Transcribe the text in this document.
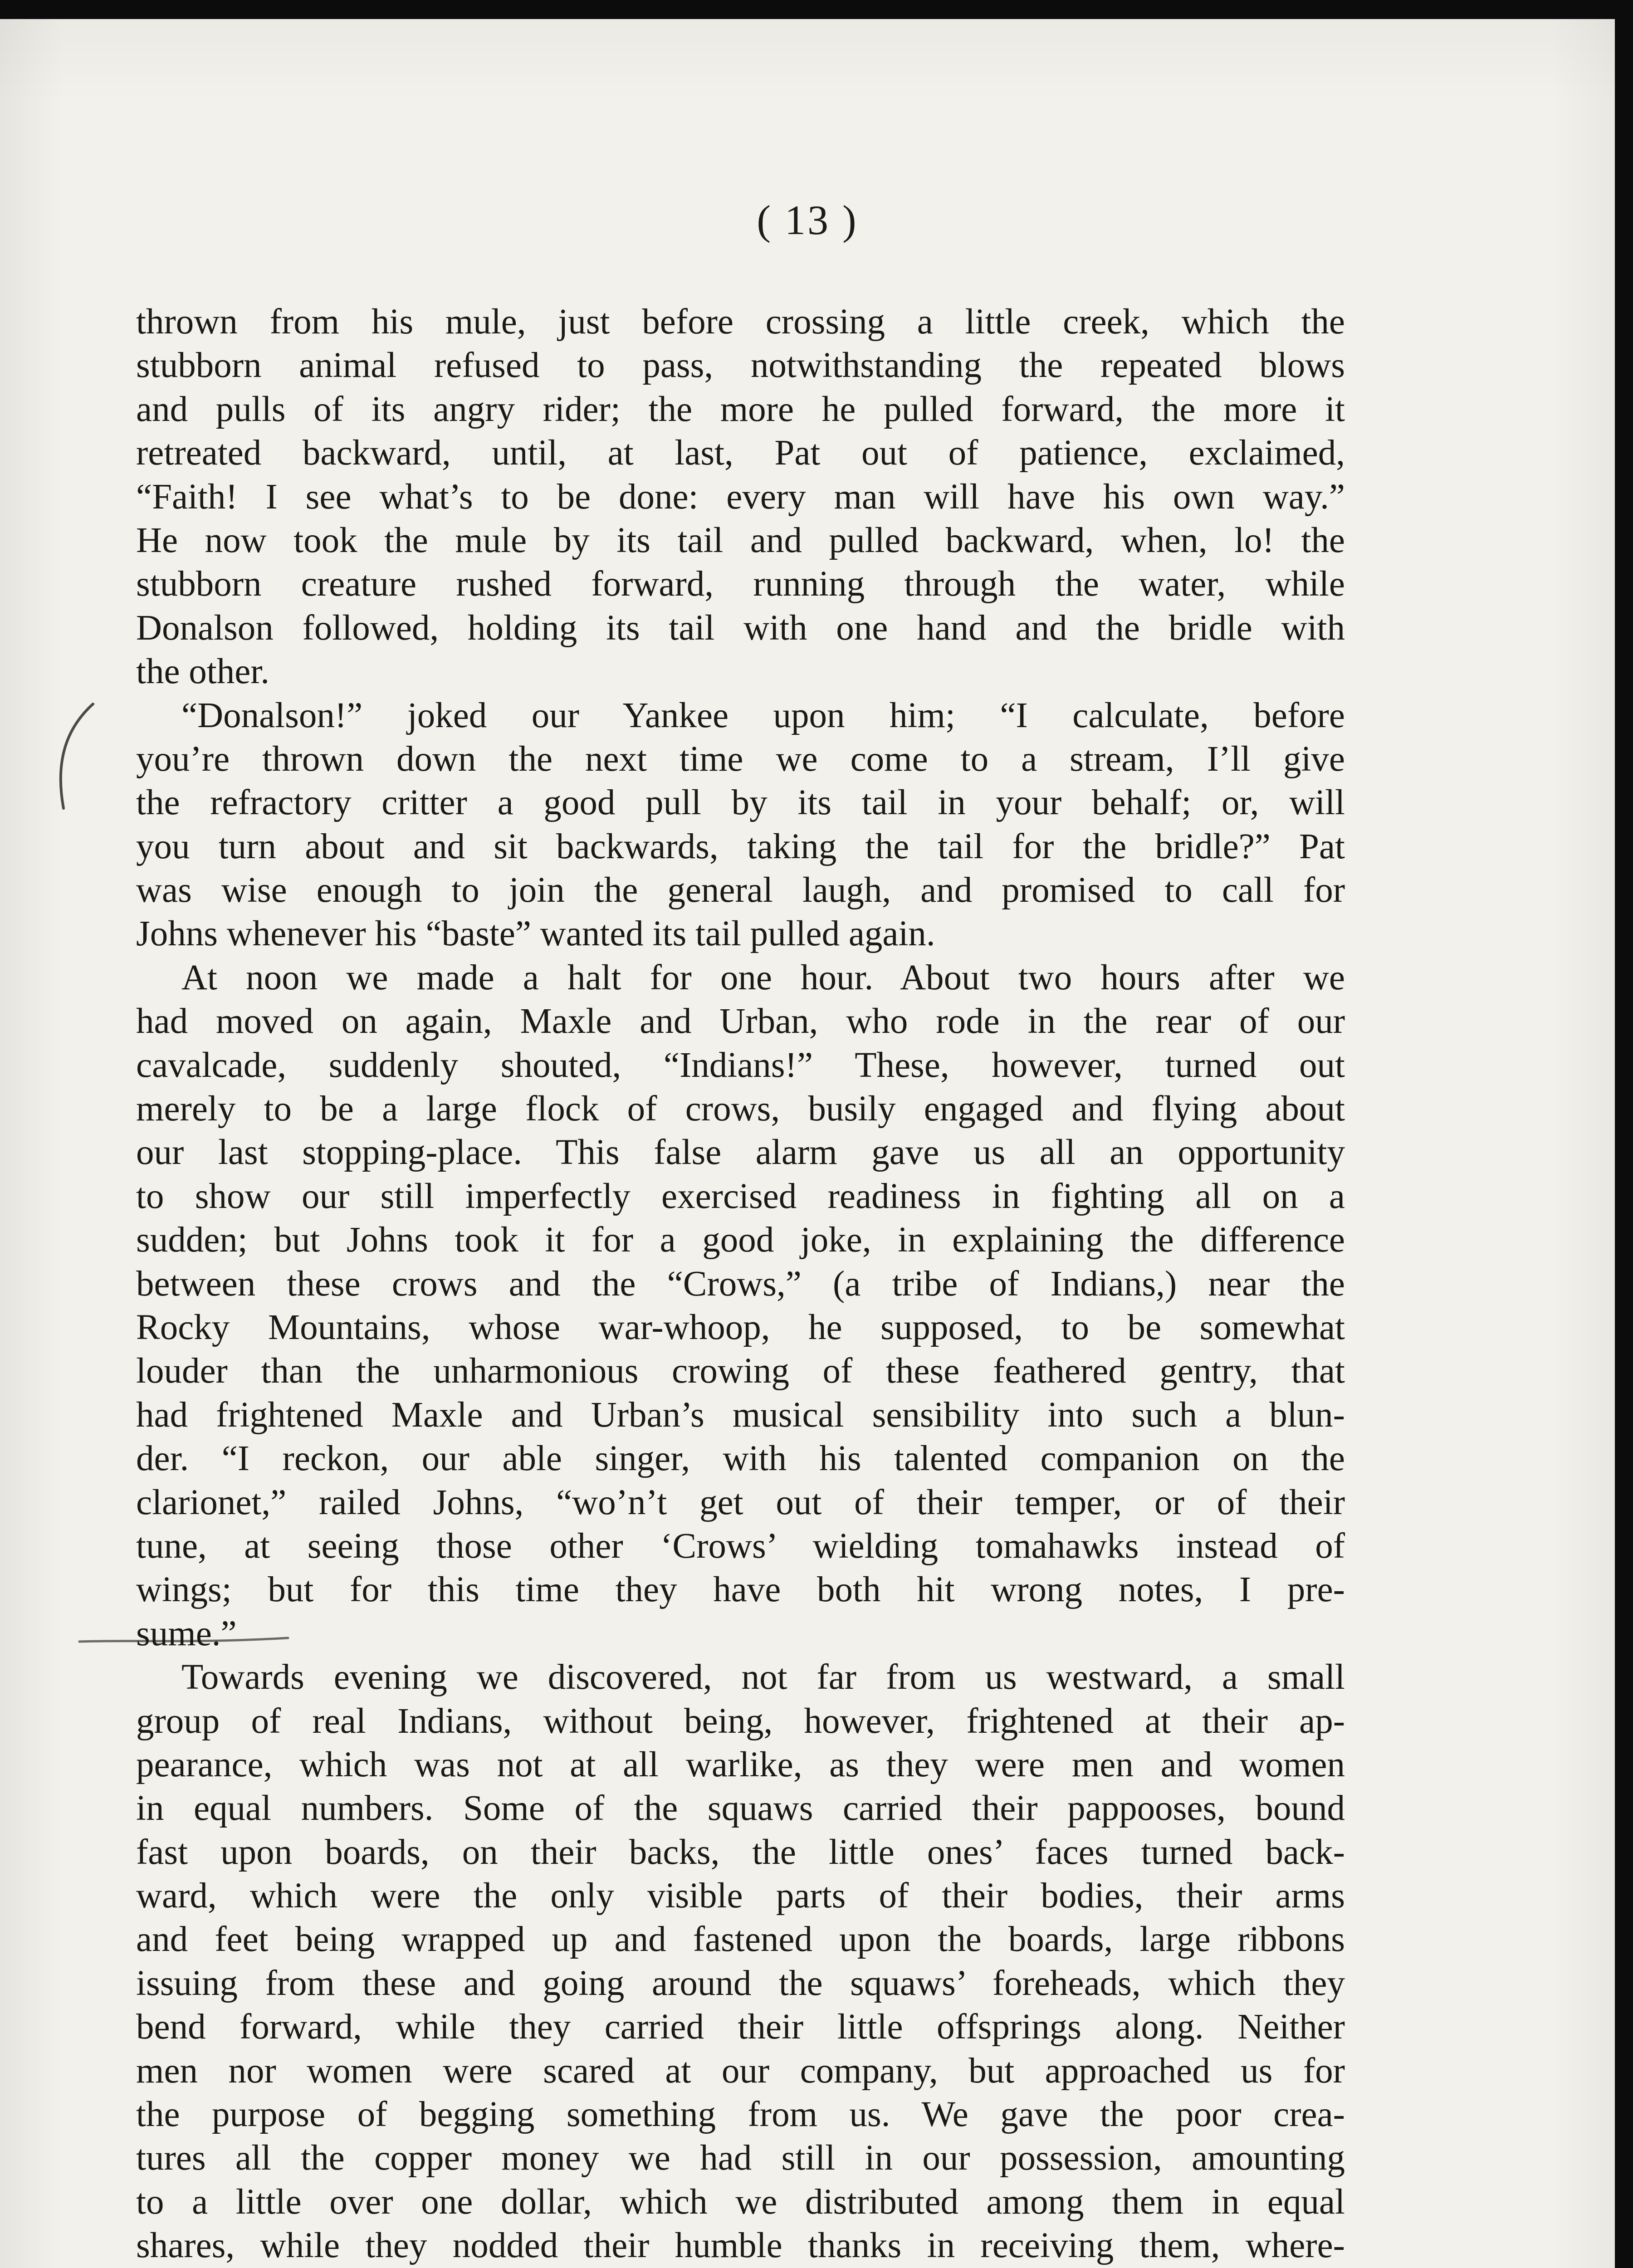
( 13 )
thrown from his mule, just before crossing a little creek, which the
stubborn animal refused to pass, notwithstanding the repeated blows
and pulls of its angry rider; the more he pulled forward, the more it
retreated backward, until, at last, Pat out of patience, exclaimed,
“Faith! I see what’s to be done: every man will have his own way.”
He now took the mule by its tail and pulled backward, when, lo! the
stubborn creature rushed forward, running through the water, while
Donalson followed, holding its tail with one hand and the bridle with
the other.
“Donalson!” joked our Yankee upon him; “I calculate, before
you’re thrown down the next time we come to a stream, I’ll give
the refractory critter a good pull by its tail in your behalf; or, will
you turn about and sit backwards, taking the tail for the bridle?” Pat
was wise enough to join the general laugh, and promised to call for
Johns whenever his “baste” wanted its tail pulled again.
At noon we made a halt for one hour. About two hours after we
had moved on again, Maxle and Urban, who rode in the rear of our
cavalcade, suddenly shouted, “Indians!” These, however, turned out
merely to be a large flock of crows, busily engaged and flying about
our last stopping-place. This false alarm gave us all an opportunity
to show our still imperfectly exercised readiness in fighting all on a
sudden; but Johns took it for a good joke, in explaining the difference
between these crows and the “Crows,” (a tribe of Indians,) near the
Rocky Mountains, whose war-whoop, he supposed, to be somewhat
louder than the unharmonious crowing of these feathered gentry, that
had frightened Maxle and Urban’s musical sensibility into such a blun-
der. “I reckon, our able singer, with his talented companion on the
clarionet,” railed Johns, “wo’n’t get out of their temper, or of their
tune, at seeing those other ‘Crows’ wielding tomahawks instead of
wings; but for this time they have both hit wrong notes, I pre-
sume.”
Towards evening we discovered, not far from us westward, a small
group of real Indians, without being, however, frightened at their ap-
pearance, which was not at all warlike, as they were men and women
in equal numbers. Some of the squaws carried their pappooses, bound
fast upon boards, on their backs, the little ones’ faces turned back-
ward, which were the only visible parts of their bodies, their arms
and feet being wrapped up and fastened upon the boards, large ribbons
issuing from these and going around the squaws’ foreheads, which they
bend forward, while they carried their little offsprings along. Neither
men nor women were scared at our company, but approached us for
the purpose of begging something from us. We gave the poor crea-
tures all the copper money we had still in our possession, amounting
to a little over one dollar, which we distributed among them in equal
shares, while they nodded their humble thanks in receiving them, where-
